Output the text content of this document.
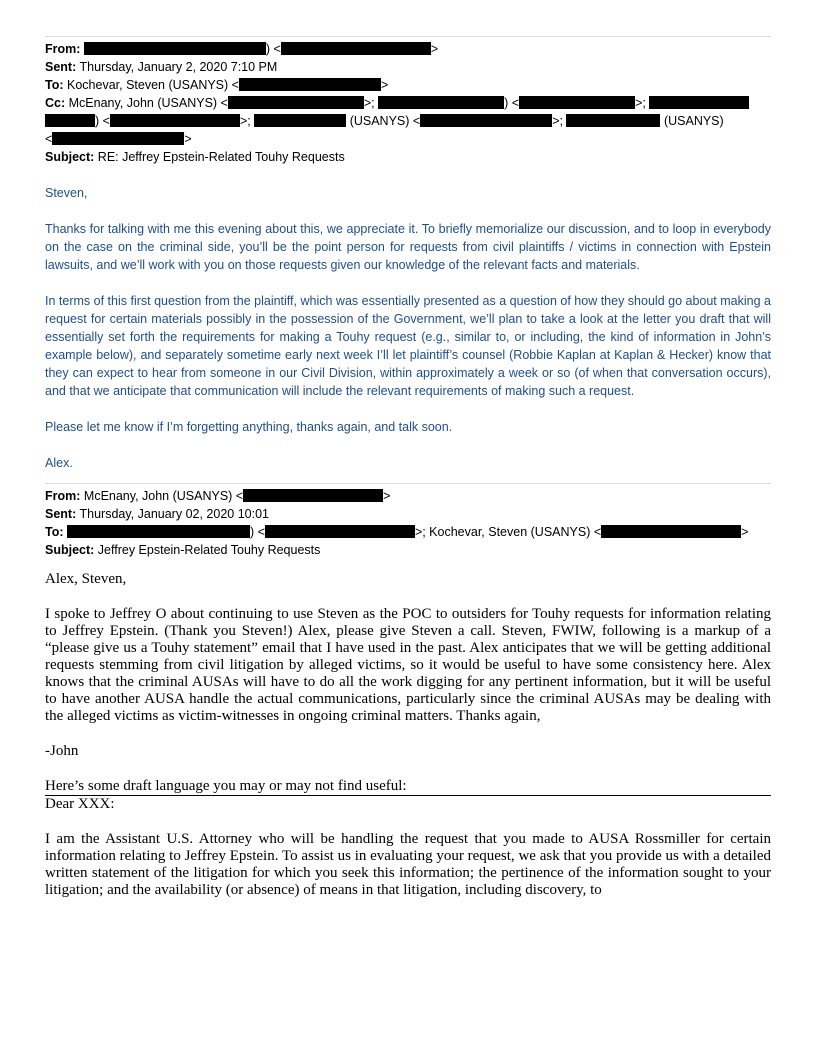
From:	) <	>
Sent: Thursday, January 2, 2020 7:10 PM
To: Kochevar, Steven (USANYS) <	>
Cc: McEnany, John (USANYS) <	>;	) <	>;
) <	>;	(USANYS) <	>;	(USANYS)
<	>
Subject: RE: Jeffrey Epstein-Related Touhy Requests

Steven,

Thanks for talking with me this evening about this, we appreciate it. To briefly memorialize our discussion, and to loop in everybody on the case on the criminal side, you’ll be the point person for requests from civil plaintiffs / victims in connection with Epstein lawsuits, and we’ll work with you on those requests given our knowledge of the relevant facts and materials.

In terms of this first question from the plaintiff, which was essentially presented as a question of how they should go about making a request for certain materials possibly in the possession of the Government, we’ll plan to take a look at the letter you draft that will essentially set forth the requirements for making a Touhy request (e.g., similar to, or including, the kind of information in John’s example below), and separately sometime early next week I’ll let plaintiff’s counsel (Robbie Kaplan at Kaplan & Hecker) know that they can expect to hear from someone in our Civil Division, within approximately a week or so (of when that conversation occurs), and that we anticipate that communication will include the relevant requirements of making such a request.

Please let me know if I’m forgetting anything, thanks again, and talk soon.

Alex.

From: McEnany, John (USANYS) <	>
Sent: Thursday, January 02, 2020 10:01
To:	) <	>; Kochevar, Steven (USANYS) <	>
Subject: Jeffrey Epstein-Related Touhy Requests

Alex, Steven,

I spoke to Jeffrey O about continuing to use Steven as the POC to outsiders for Touhy requests for information relating to Jeffrey Epstein. (Thank you Steven!) Alex, please give Steven a call. Steven, FWIW, following is a markup of a “please give us a Touhy statement” email that I have used in the past. Alex anticipates that we will be getting additional requests stemming from civil litigation by alleged victims, so it would be useful to have some consistency here. Alex knows that the criminal AUSAs will have to do all the work digging for any pertinent information, but it will be useful to have another AUSA handle the actual communications, particularly since the criminal AUSAs may be dealing with the alleged victims as victim-witnesses in ongoing criminal matters. Thanks again,

-John

Here’s some draft language you may or may not find useful:

Dear XXX:

I am the Assistant U.S. Attorney who will be handling the request that you made to AUSA Rossmiller for certain information relating to Jeffrey Epstein. To assist us in evaluating your request, we ask that you provide us with a detailed written statement of the litigation for which you seek this information; the pertinence of the information sought to your litigation; and the availability (or absence) of means in that litigation, including discovery, to
